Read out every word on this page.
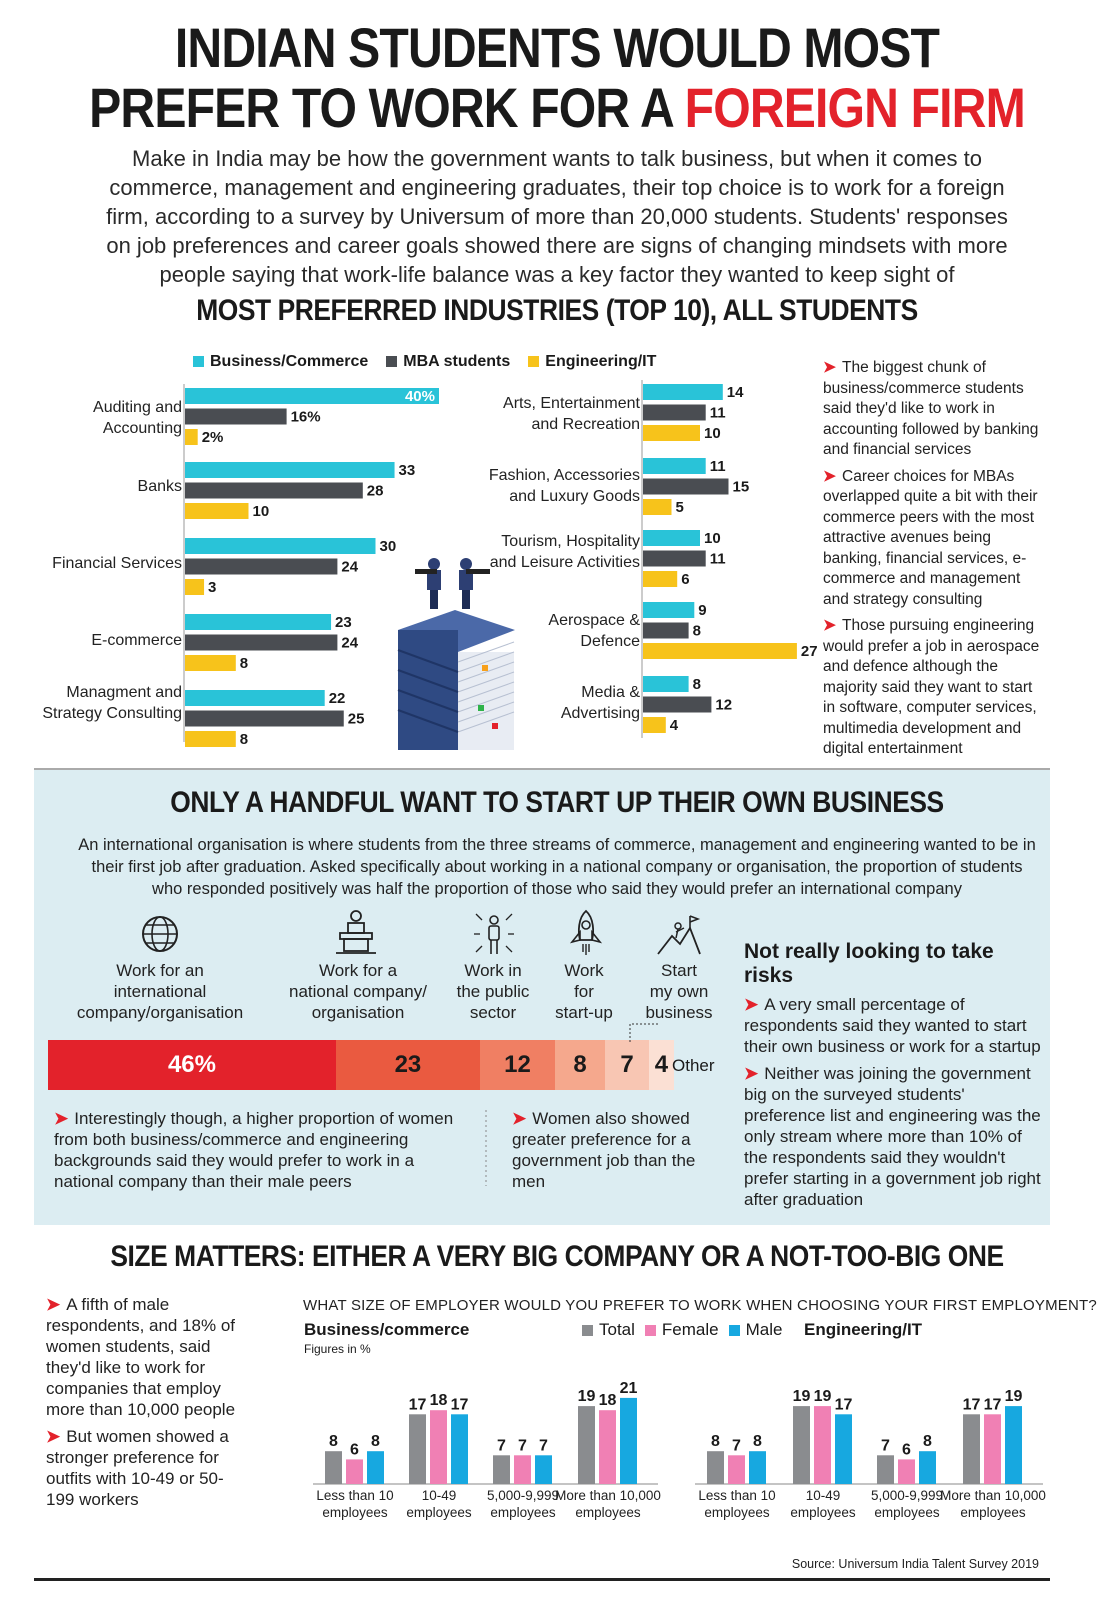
INDIAN STUDENTS WOULD MOST
PREFER TO WORK FOR A FOREIGN FIRM
Make in India may be how the government wants to talk business, but when it comes to
commerce, management and engineering graduates, their top choice is to work for a foreign
firm, according to a survey by Universum of more than 20,000 students. Students' responses
on job preferences and career goals showed there are signs of changing mindsets with more
people saying that work-life balance was a key factor they wanted to keep sight of
MOST PREFERRED INDUSTRIES (TOP 10), ALL STUDENTS
Business/Commerce	MBA students	Engineering/IT
Auditing and
Accounting
Banks
Financial Services
E-commerce
Managment and
Strategy Consulting
Arts, Entertainment
and Recreation
Fashion, Accessories
and Luxury Goods
Tourism, Hospitality
and Leisure Activities
Aerospace &
Defence
Media &
Advertising
40%
16%
2%
33
28
10
30
24
3
23
24
8
22
25
8
14
11
10
11
15
5
10
11
6
9
8
27
8
12
4

➤ The biggest chunk of business/commerce students said they'd like to work in accounting followed by banking and financial services

➤ Career choices for MBAs overlapped quite a bit with their commerce peers with the most attractive avenues being banking, financial services, e-commerce and management and strategy consulting

➤ Those pursuing engineering would prefer a job in aerospace and defence although the majority said they want to start in software, computer services, multimedia development and digital entertainment

ONLY A HANDFUL WANT TO START UP THEIR OWN BUSINESS
An international organisation is where students from the three streams of commerce, management and engineering wanted to be in
their first job after graduation. Asked specifically about working in a national company or organisation, the proportion of students
who responded positively was half the proportion of those who said they would prefer an international company
Work for an
international
company/organisation
Work for a
national company/
organisation
Work in
the public
sector
Work
for
start-up
Start
my own
business
46%	23	12	8	7 4 Other
➤ Interestingly though, a higher proportion of women from both business/commerce and engineering backgrounds said they would prefer to work in a national company than their male peers
➤ Women also showed greater preference for a government job than the men
Not really looking to take risks

➤ A very small percentage of respondents said they wanted to start their own business or work for a startup

➤ Neither was joining the government big on the surveyed students' preference list and engineering was the only stream where more than 10% of the respondents said they wouldn't prefer starting in a government job right after graduation

SIZE MATTERS: EITHER A VERY BIG COMPANY OR A NOT-TOO-BIG ONE

➤ A fifth of male respondents, and 18% of women students, said they'd like to work for companies that employ more than 10,000 people

➤ But women showed a stronger preference for outfits with 10-49 or 50-199 workers

WHAT SIZE OF EMPLOYER WOULD YOU PREFER TO WORK WHEN CHOOSING YOUR FIRST EMPLOYMENT?
Business/commerce	Engineering/IT
Figures in %
Total Female Male
8 6 8
Less than 10
employees
17 18 17
10-49
employees
7 7 7
5,000-9,999
employees
19 18
21
More than 10,000
employees
8 7 8
Less than 10
employees
19 19 17
10-49
employees
7 6 8
5,000-9,999
employees
17 17 19
More than 10,000
employees
Source: Universum India Talent Survey 2019
